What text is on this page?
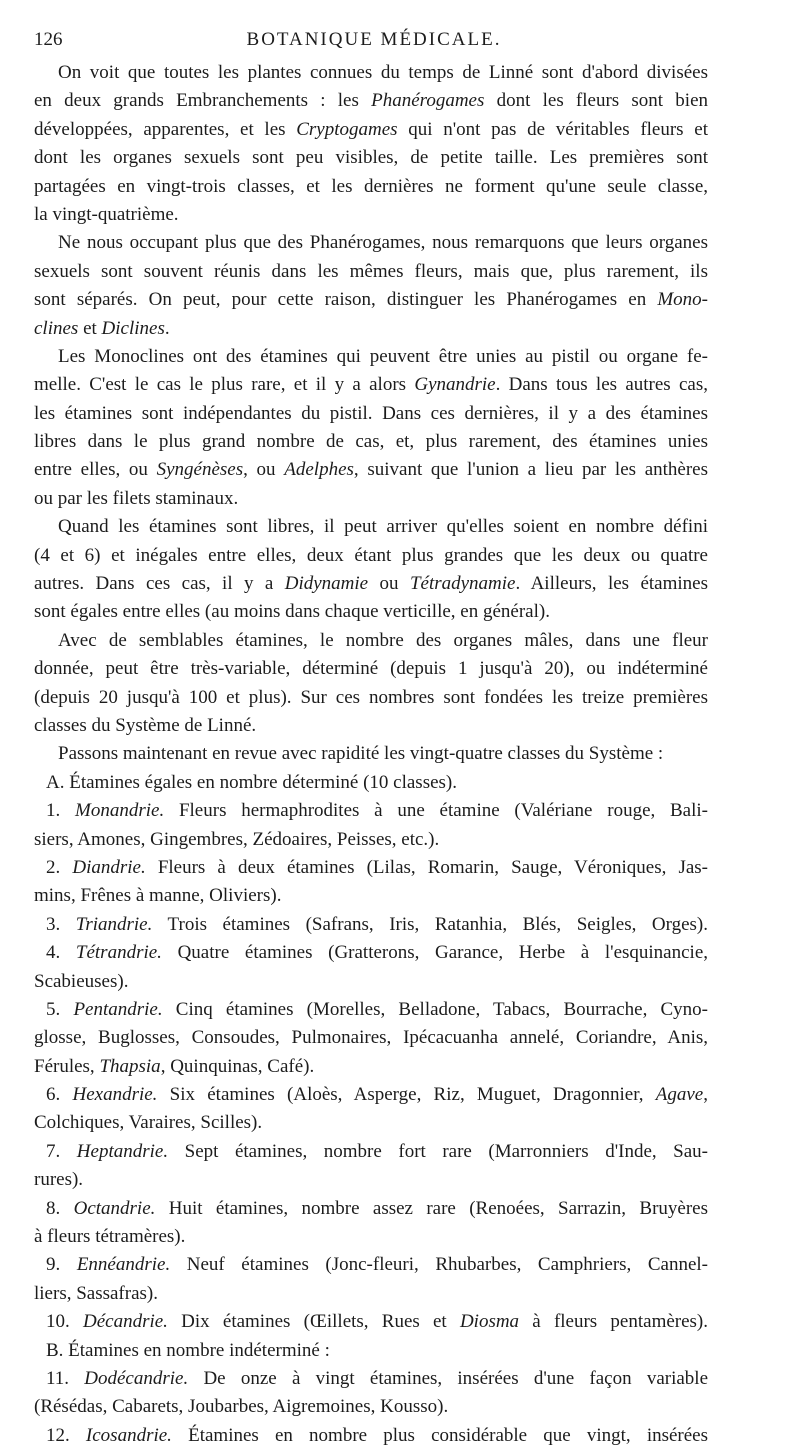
126	BOTANIQUE MÉDICALE.
On voit que toutes les plantes connues du temps de Linné sont d'abord divisées
en deux grands Embranchements : les Phanérogames dont les fleurs sont bien
développées, apparentes, et les Cryptogames qui n'ont pas de véritables fleurs et
dont les organes sexuels sont peu visibles, de petite taille. Les premières sont
partagées en vingt-trois classes, et les dernières ne forment qu'une seule classe,
la vingt-quatrième.
Ne nous occupant plus que des Phanérogames, nous remarquons que leurs organes
sexuels sont souvent réunis dans les mêmes fleurs, mais que, plus rarement, ils
sont séparés. On peut, pour cette raison, distinguer les Phanérogames en Mono-
clines et Diclines.
Les Monoclines ont des étamines qui peuvent être unies au pistil ou organe fe-
melle. C'est le cas le plus rare, et il y a alors Gynandrie. Dans tous les autres cas,
les étamines sont indépendantes du pistil. Dans ces dernières, il y a des étamines
libres dans le plus grand nombre de cas, et, plus rarement, des étamines unies
entre elles, ou Syngénèses, ou Adelphes, suivant que l'union a lieu par les anthères
ou par les filets staminaux.
Quand les étamines sont libres, il peut arriver qu'elles soient en nombre défini
(4 et 6) et inégales entre elles, deux étant plus grandes que les deux ou quatre
autres. Dans ces cas, il y a Didynamie ou Tétradynamie. Ailleurs, les étamines
sont égales entre elles (au moins dans chaque verticille, en général).
Avec de semblables étamines, le nombre des organes mâles, dans une fleur
donnée, peut être très-variable, déterminé (depuis 1 jusqu'à 20), ou indéterminé
(depuis 20 jusqu'à 100 et plus). Sur ces nombres sont fondées les treize premières
classes du Système de Linné.
Passons maintenant en revue avec rapidité les vingt-quatre classes du Système :
A. Étamines égales en nombre déterminé (10 classes).
1. Monandrie. Fleurs hermaphrodites à une étamine (Valériane rouge, Bali-
siers, Amones, Gingembres, Zédoaires, Peisses, etc.).
2. Diandrie. Fleurs à deux étamines (Lilas, Romarin, Sauge, Véroniques, Jas-
mins, Frênes à manne, Oliviers).
3. Triandrie. Trois étamines (Safrans, Iris, Ratanhia, Blés, Seigles, Orges).
4. Tétrandrie. Quatre étamines (Gratterons, Garance, Herbe à l'esquinancie,
Scabieuses).
5. Pentandrie. Cinq étamines (Morelles, Belladone, Tabacs, Bourrache, Cyno-
glosse, Buglosses, Consoudes, Pulmonaires, Ipécacuanha annelé, Coriandre, Anis,
Férules, Thapsia, Quinquinas, Café).
6. Hexandrie. Six étamines (Aloès, Asperge, Riz, Muguet, Dragonnier, Agave,
Colchiques, Varaires, Scilles).
7. Heptandrie. Sept étamines, nombre fort rare (Marronniers d'Inde, Sau-
rures).
8. Octandrie. Huit étamines, nombre assez rare (Renoées, Sarrazin, Bruyères
à fleurs tétramères).
9. Ennéandrie. Neuf étamines (Jonc-fleuri, Rhubarbes, Camphriers, Cannel-
liers, Sassafras).
10. Décandrie. Dix étamines (Œillets, Rues et Diosma à fleurs pentamères).
B. Étamines en nombre indéterminé :
11. Dodécandrie. De onze à vingt étamines, insérées d'une façon variable
(Résédas, Cabarets, Joubarbes, Aigremoines, Kousso).
12. Icosandrie. Étamines en nombre plus considérable que vingt, insérées
